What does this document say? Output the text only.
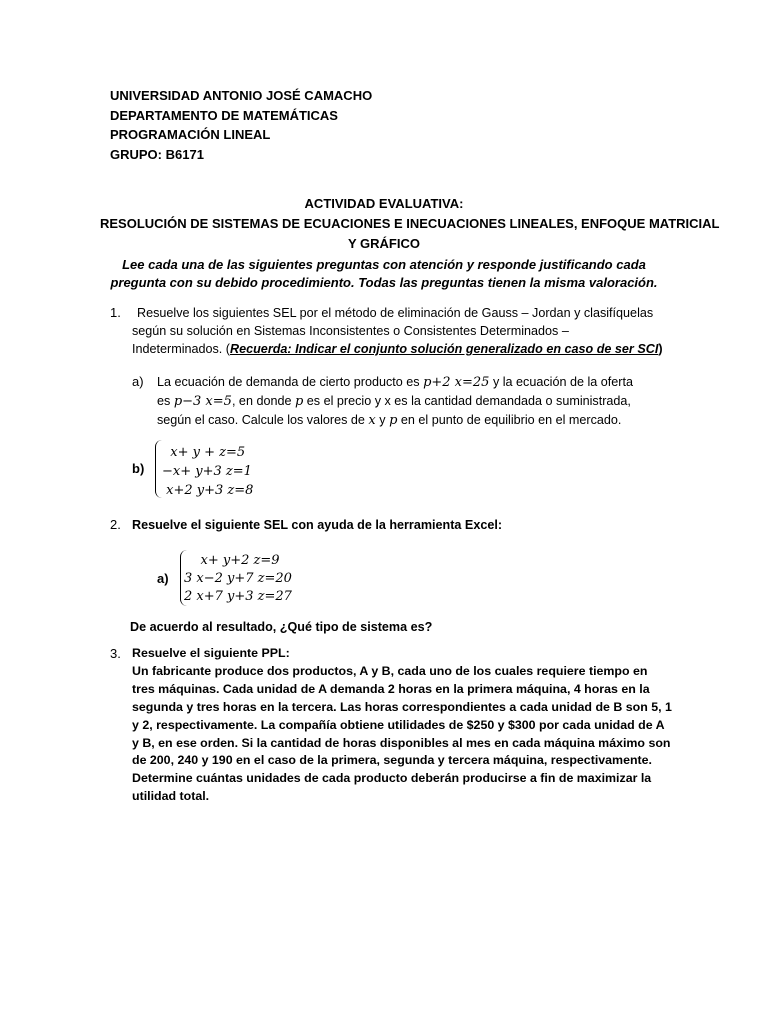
UNIVERSIDAD ANTONIO JOSÉ CAMACHO
DEPARTAMENTO DE MATEMÁTICAS
PROGRAMACIÓN LINEAL
GRUPO: B6171
ACTIVIDAD EVALUATIVA:
RESOLUCIÓN DE SISTEMAS DE ECUACIONES E INECUACIONES LINEALES, ENFOQUE MATRICIAL
Y GRÁFICO
Lee cada una de las siguientes preguntas con atención y responde justificando cada
pregunta con su debido procedimiento. Todas las preguntas tienen la misma valoración.
1.	Resuelve los siguientes SEL por el método de eliminación de Gauss – Jordan y clasifíquelas
según su solución en Sistemas Inconsistentes o Consistentes Determinados –
Indeterminados. (Recuerda: Indicar el conjunto solución generalizado en caso de ser SCI)
a) La ecuación de demanda de cierto producto es p+2 x=25 y la ecuación de la oferta
es p−3 x=5, en donde p es el precio y x es la cantidad demandada o suministrada,
según el caso. Calcule los valores de x y p en el punto de equilibrio en el mercado.
b)
x+ y + z=5
−x+ y+3 z=1
x+2 y+3 z=8
2. Resuelve el siguiente SEL con ayuda de la herramienta Excel:
a)
x+ y+2 z=9
3 x−2 y+7 z=20
2 x+7 y+3 z=27
De acuerdo al resultado, ¿Qué tipo de sistema es?
3. Resuelve el siguiente PPL:
Un fabricante produce dos productos, A y B, cada uno de los cuales requiere tiempo en
tres máquinas. Cada unidad de A demanda 2 horas en la primera máquina, 4 horas en la
segunda y tres horas en la tercera. Las horas correspondientes a cada unidad de B son 5, 1
y 2, respectivamente. La compañía obtiene utilidades de $250 y $300 por cada unidad de A
y B, en ese orden. Si la cantidad de horas disponibles al mes en cada máquina máximo son
de 200, 240 y 190 en el caso de la primera, segunda y tercera máquina, respectivamente.
Determine cuántas unidades de cada producto deberán producirse a fin de maximizar la
utilidad total.
